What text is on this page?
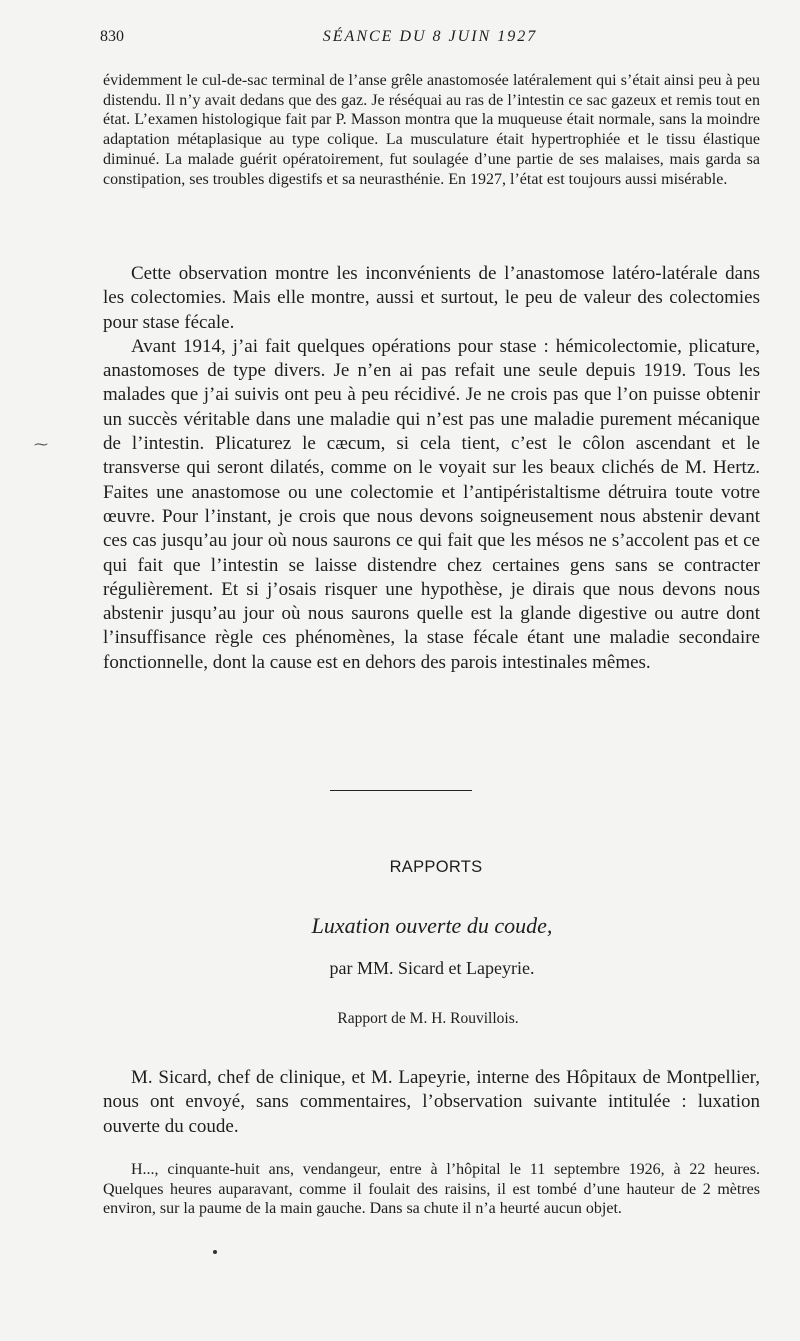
830	SÉANCE DU 8 JUIN 1927

évidemment le cul-de-sac terminal de l’anse grêle anastomosée latéralement qui s’était ainsi peu à peu distendu. Il n’y avait dedans que des gaz. Je réséquai au ras de l’intestin ce sac gazeux et remis tout en état. L’examen histologique fait par P. Masson montra que la muqueuse était normale, sans la moindre adaptation métaplasique au type colique. La musculature était hypertrophiée et le tissu élastique diminué. La malade guérit opératoirement, fut soulagée d’une partie de ses malaises, mais garda sa constipation, ses troubles digestifs et sa neurasthénie. En 1927, l’état est toujours aussi misérable.

⁓

Cette observation montre les inconvénients de l’anastomose latéro-latérale dans les colectomies. Mais elle montre, aussi et surtout, le peu de valeur des colectomies pour stase fécale.

Avant 1914, j’ai fait quelques opérations pour stase : hémicolectomie, plicature, anastomoses de type divers. Je n’en ai pas refait une seule depuis 1919. Tous les malades que j’ai suivis ont peu à peu récidivé. Je ne crois pas que l’on puisse obtenir un succès véritable dans une maladie qui n’est pas une maladie purement mécanique de l’intestin. Plicaturez le cæcum, si cela tient, c’est le côlon ascendant et le transverse qui seront dilatés, comme on le voyait sur les beaux clichés de M. Hertz. Faites une anastomose ou une colectomie et l’antipéristaltisme détruira toute votre œuvre. Pour l’instant, je crois que nous devons soigneusement nous abstenir devant ces cas jusqu’au jour où nous saurons ce qui fait que les mésos ne s’accolent pas et ce qui fait que l’intestin se laisse distendre chez certaines gens sans se contracter régulièrement. Et si j’osais risquer une hypothèse, je dirais que nous devons nous abstenir jusqu’au jour où nous saurons quelle est la glande digestive ou autre dont l’insuffisance règle ces phénomènes, la stase fécale étant une maladie secondaire fonctionnelle, dont la cause est en dehors des parois intestinales mêmes.

RAPPORTS
Luxation ouverte du coude,
par MM. Sicard et Lapeyrie.
Rapport de M. H. Rouvillois.

M. Sicard, chef de clinique, et M. Lapeyrie, interne des Hôpitaux de Montpellier, nous ont envoyé, sans commentaires, l’observation suivante intitulée : luxation ouverte du coude.

H..., cinquante-huit ans, vendangeur, entre à l’hôpital le 11 septembre 1926, à 22 heures. Quelques heures auparavant, comme il foulait des raisins, il est tombé d’une hauteur de 2 mètres environ, sur la paume de la main gauche. Dans sa chute il n’a heurté aucun objet.
